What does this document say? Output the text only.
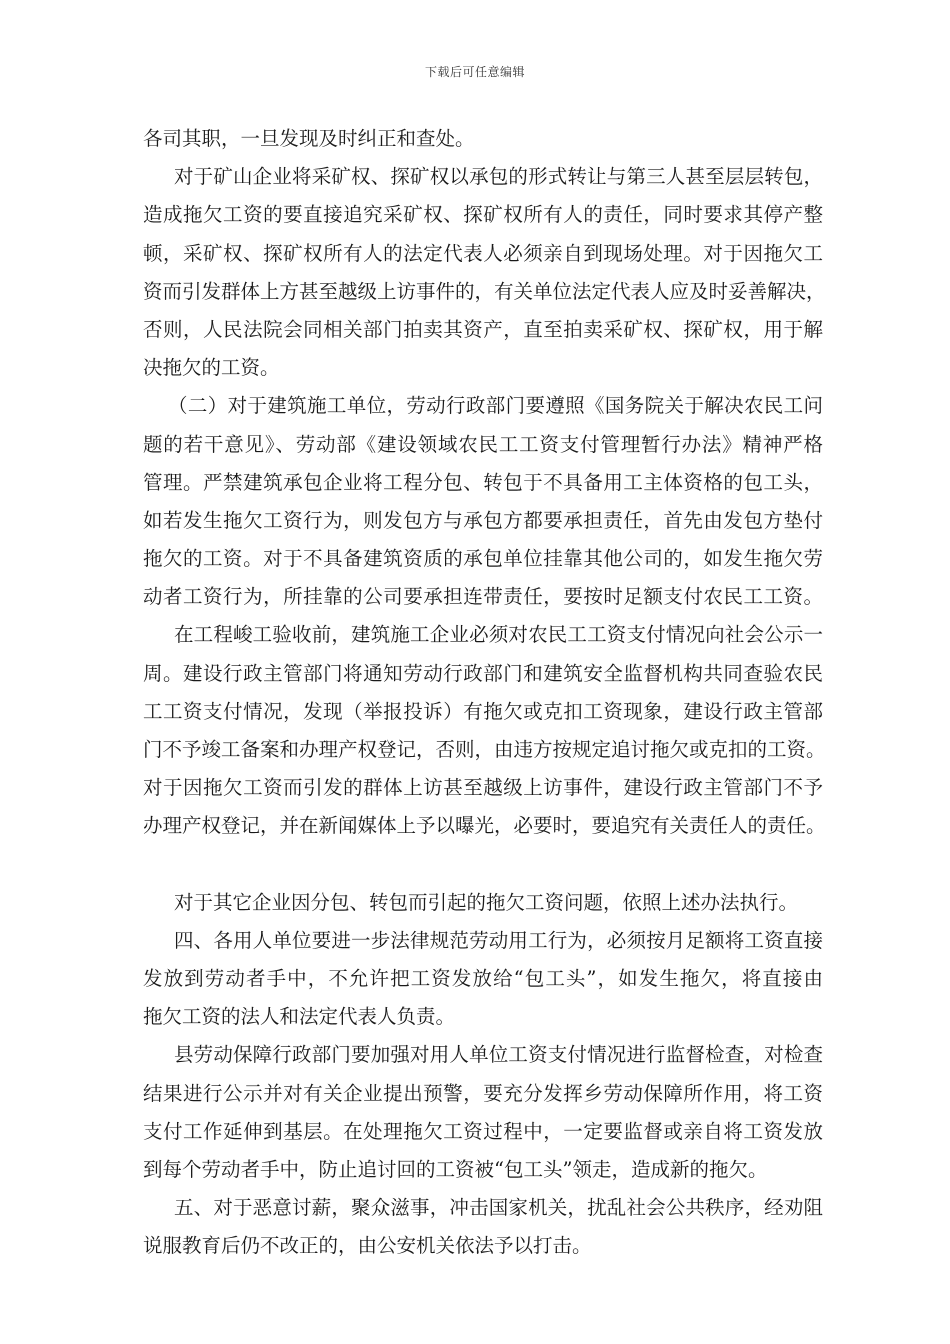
下载后可任意编辑
各司其职，一旦发现及时纠正和查处。
对于矿山企业将采矿权、探矿权以承包的形式转让与第三人甚至层层转包，
造成拖欠工资的要直接追究采矿权、探矿权所有人的责任，同时要求其停产整
顿，采矿权、探矿权所有人的法定代表人必须亲自到现场处理。对于因拖欠工
资而引发群体上方甚至越级上访事件的，有关单位法定代表人应及时妥善解决，
否则，人民法院会同相关部门拍卖其资产，直至拍卖采矿权、探矿权，用于解
决拖欠的工资。
（二）对于建筑施工单位，劳动行政部门要遵照《国务院关于解决农民工问
题的若干意见》、劳动部《建设领域农民工工资支付管理暂行办法》精神严格
管理。严禁建筑承包企业将工程分包、转包于不具备用工主体资格的包工头，
如若发生拖欠工资行为，则发包方与承包方都要承担责任，首先由发包方垫付
拖欠的工资。对于不具备建筑资质的承包单位挂靠其他公司的，如发生拖欠劳
动者工资行为，所挂靠的公司要承担连带责任，要按时足额支付农民工工资。
在工程峻工验收前，建筑施工企业必须对农民工工资支付情况向社会公示一
周。建设行政主管部门将通知劳动行政部门和建筑安全监督机构共同查验农民
工工资支付情况，发现（举报投诉）有拖欠或克扣工资现象，建设行政主管部
门不予竣工备案和办理产权登记，否则，由违方按规定追讨拖欠或克扣的工资。
对于因拖欠工资而引发的群体上访甚至越级上访事件，建设行政主管部门不予
办理产权登记，并在新闻媒体上予以曝光，必要时，要追究有关责任人的责任。
对于其它企业因分包、转包而引起的拖欠工资问题，依照上述办法执行。
四、各用人单位要进一步法律规范劳动用工行为，必须按月足额将工资直接
发放到劳动者手中，不允许把工资发放给“包工头”，如发生拖欠，将直接由
拖欠工资的法人和法定代表人负责。
县劳动保障行政部门要加强对用人单位工资支付情况进行监督检查，对检查
结果进行公示并对有关企业提出预警，要充分发挥乡劳动保障所作用，将工资
支付工作延伸到基层。在处理拖欠工资过程中，一定要监督或亲自将工资发放
到每个劳动者手中，防止追讨回的工资被“包工头”领走，造成新的拖欠。
五、对于恶意讨薪，聚众滋事，冲击国家机关，扰乱社会公共秩序，经劝阻
说服教育后仍不改正的，由公安机关依法予以打击。
